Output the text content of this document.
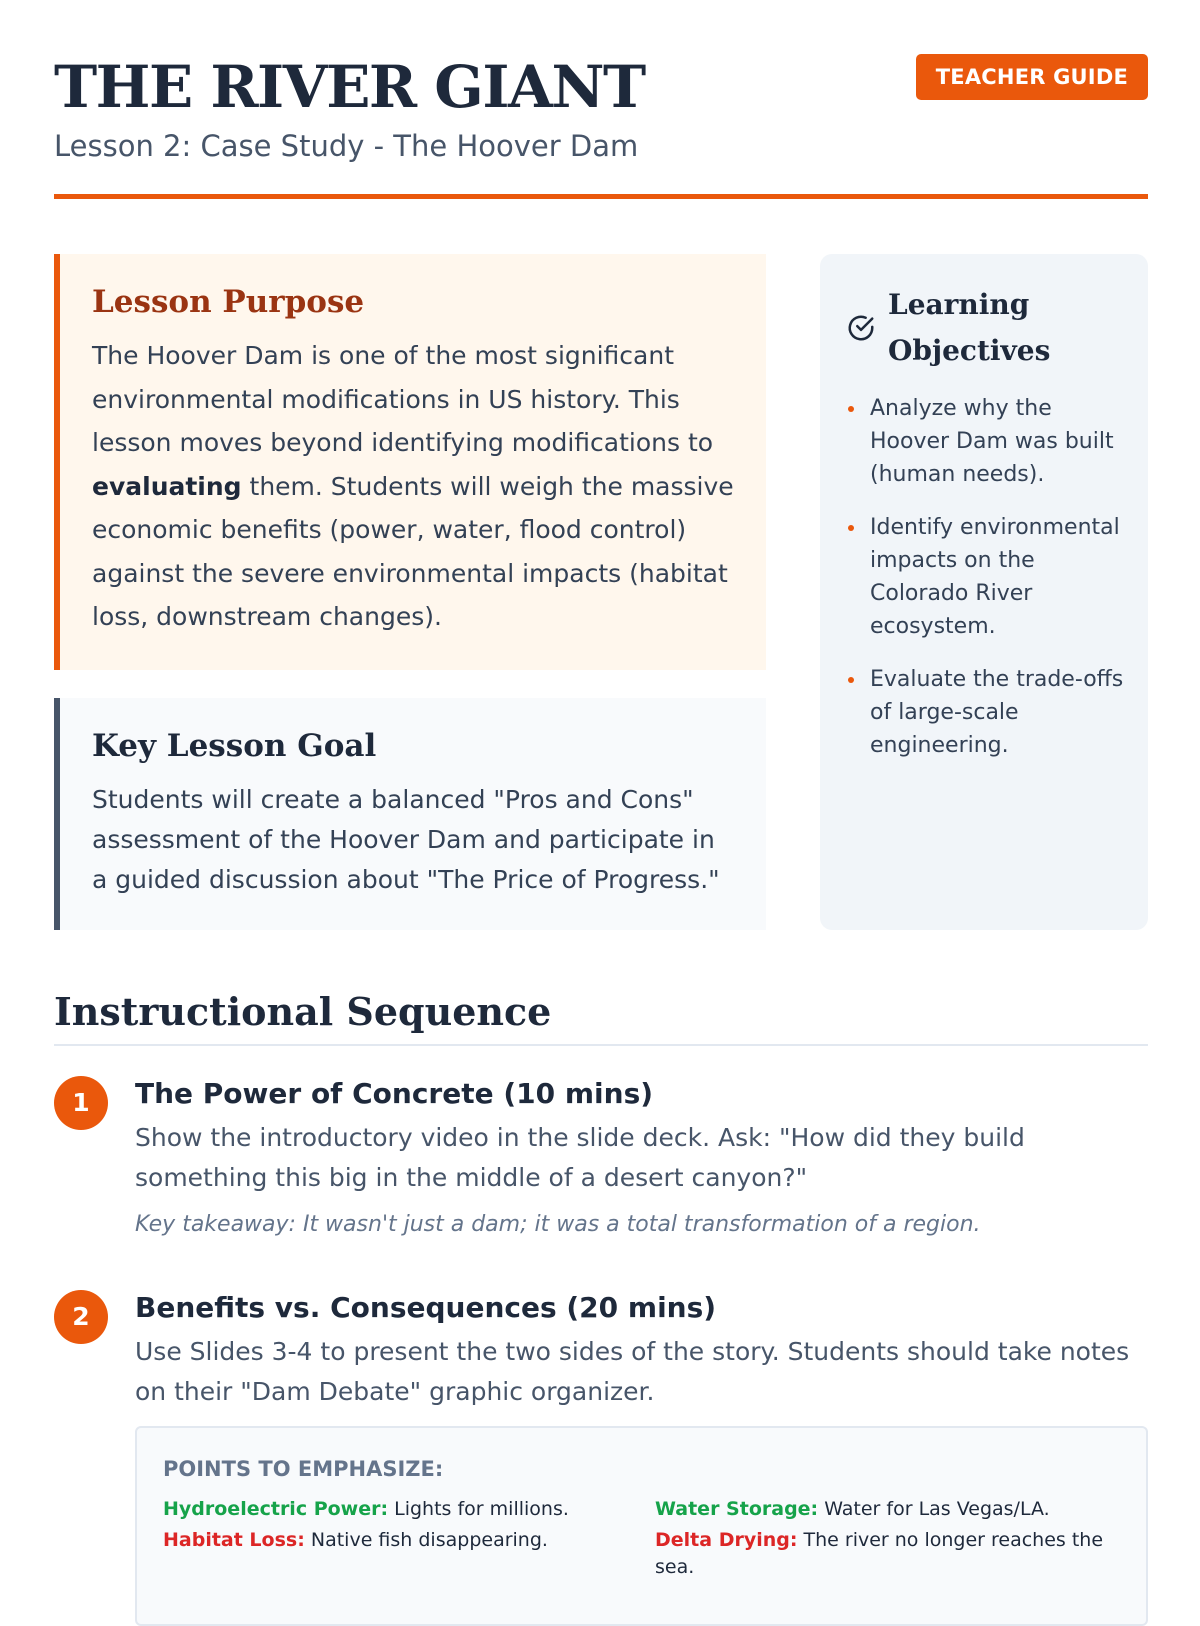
THE RIVER GIANT
Lesson 2: Case Study - The Hoover Dam
TEACHER GUIDE
Lesson Purpose

The Hoover Dam is one of the most significant environmental modifications in US history. This lesson moves beyond identifying modifications to evaluating them. Students will weigh the massive economic benefits (power, water, flood control) against the severe environmental impacts (habitat loss, downstream changes).

Key Lesson Goal

Students will create a balanced "Pros and Cons" assessment of the Hoover Dam and participate in a guided discussion about "The Price of Progress."

Learning Objectives
Analyze why the Hoover Dam was built (human needs).
Identify environmental impacts on the Colorado River ecosystem.
Evaluate the trade-offs of large-scale engineering.
Instructional Sequence
1	The Power of Concrete (10 mins)

Show the introductory video in the slide deck. Ask: "How did they build something this big in the middle of a desert canyon?"

Key takeaway: It wasn't just a dam; it was a total transformation of a region.
2	Benefits vs. Consequences (20 mins)

Use Slides 3-4 to present the two sides of the story. Students should take notes on their "Dam Debate" graphic organizer.

POINTS TO EMPHASIZE:
Hydroelectric Power: Lights for millions.	Water Storage: Water for Las Vegas/LA.
Habitat Loss: Native fish disappearing.	Delta Drying: The river no longer reaches the sea.
